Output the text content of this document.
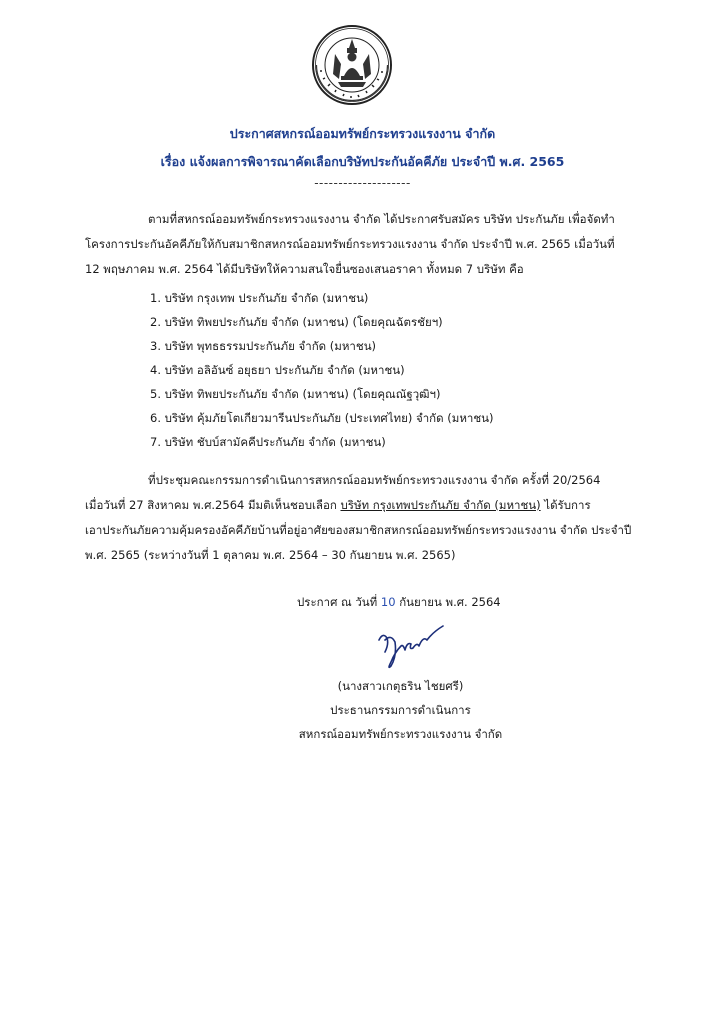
ประกาศสหกรณ์ออมทรัพย์กระทรวงแรงงาน จำกัด
เรื่อง แจ้งผลการพิจารณาคัดเลือกบริษัทประกันอัคคีภัย ประจำปี พ.ศ. 2565
--------------------

ตามที่สหกรณ์ออมทรัพย์กระทรวงแรงงาน จำกัด ได้ประกาศรับสมัคร บริษัท ประกันภัย เพื่อจัดทำ
โครงการประกันอัคคีภัยให้กับสมาชิกสหกรณ์ออมทรัพย์กระทรวงแรงงาน จำกัด ประจำปี พ.ศ. 2565 เมื่อวันที่
12 พฤษภาคม พ.ศ. 2564 ได้มีบริษัทให้ความสนใจยื่นซองเสนอราคา ทั้งหมด 7 บริษัท คือ

1. บริษัท กรุงเทพ ประกันภัย จำกัด (มหาชน)
2. บริษัท ทิพยประกันภัย จำกัด (มหาชน) (โดยคุณฉัตรชัยฯ)
3. บริษัท พุทธธรรมประกันภัย จำกัด (มหาชน)
4. บริษัท อลิอันซ์ อยุธยา ประกันภัย จำกัด (มหาชน)
5. บริษัท ทิพยประกันภัย จำกัด (มหาชน) (โดยคุณณัฐวุฒิฯ)
6. บริษัท คุ้มภัยโตเกียวมารีนประกันภัย (ประเทศไทย) จำกัด (มหาชน)
7. บริษัท ชับบ์สามัคคีประกันภัย จำกัด (มหาชน)

ที่ประชุมคณะกรรมการดำเนินการสหกรณ์ออมทรัพย์กระทรวงแรงงาน จำกัด ครั้งที่ 20/2564
เมื่อวันที่ 27 สิงหาคม พ.ศ.2564 มีมติเห็นชอบเลือก บริษัท กรุงเทพประกันภัย จำกัด (มหาชน) ได้รับการ
เอาประกันภัยความคุ้มครองอัคคีภัยบ้านที่อยู่อาศัยของสมาชิกสหกรณ์ออมทรัพย์กระทรวงแรงงาน จำกัด ประจำปี
พ.ศ. 2565 (ระหว่างวันที่ 1 ตุลาคม พ.ศ. 2564 – 30 กันยายน พ.ศ. 2565)

ประกาศ ณ วันที่ 10 กันยายน พ.ศ. 2564
(นางสาวเกตุธริน ไชยศรี)
ประธานกรรมการดำเนินการ
สหกรณ์ออมทรัพย์กระทรวงแรงงาน จำกัด
